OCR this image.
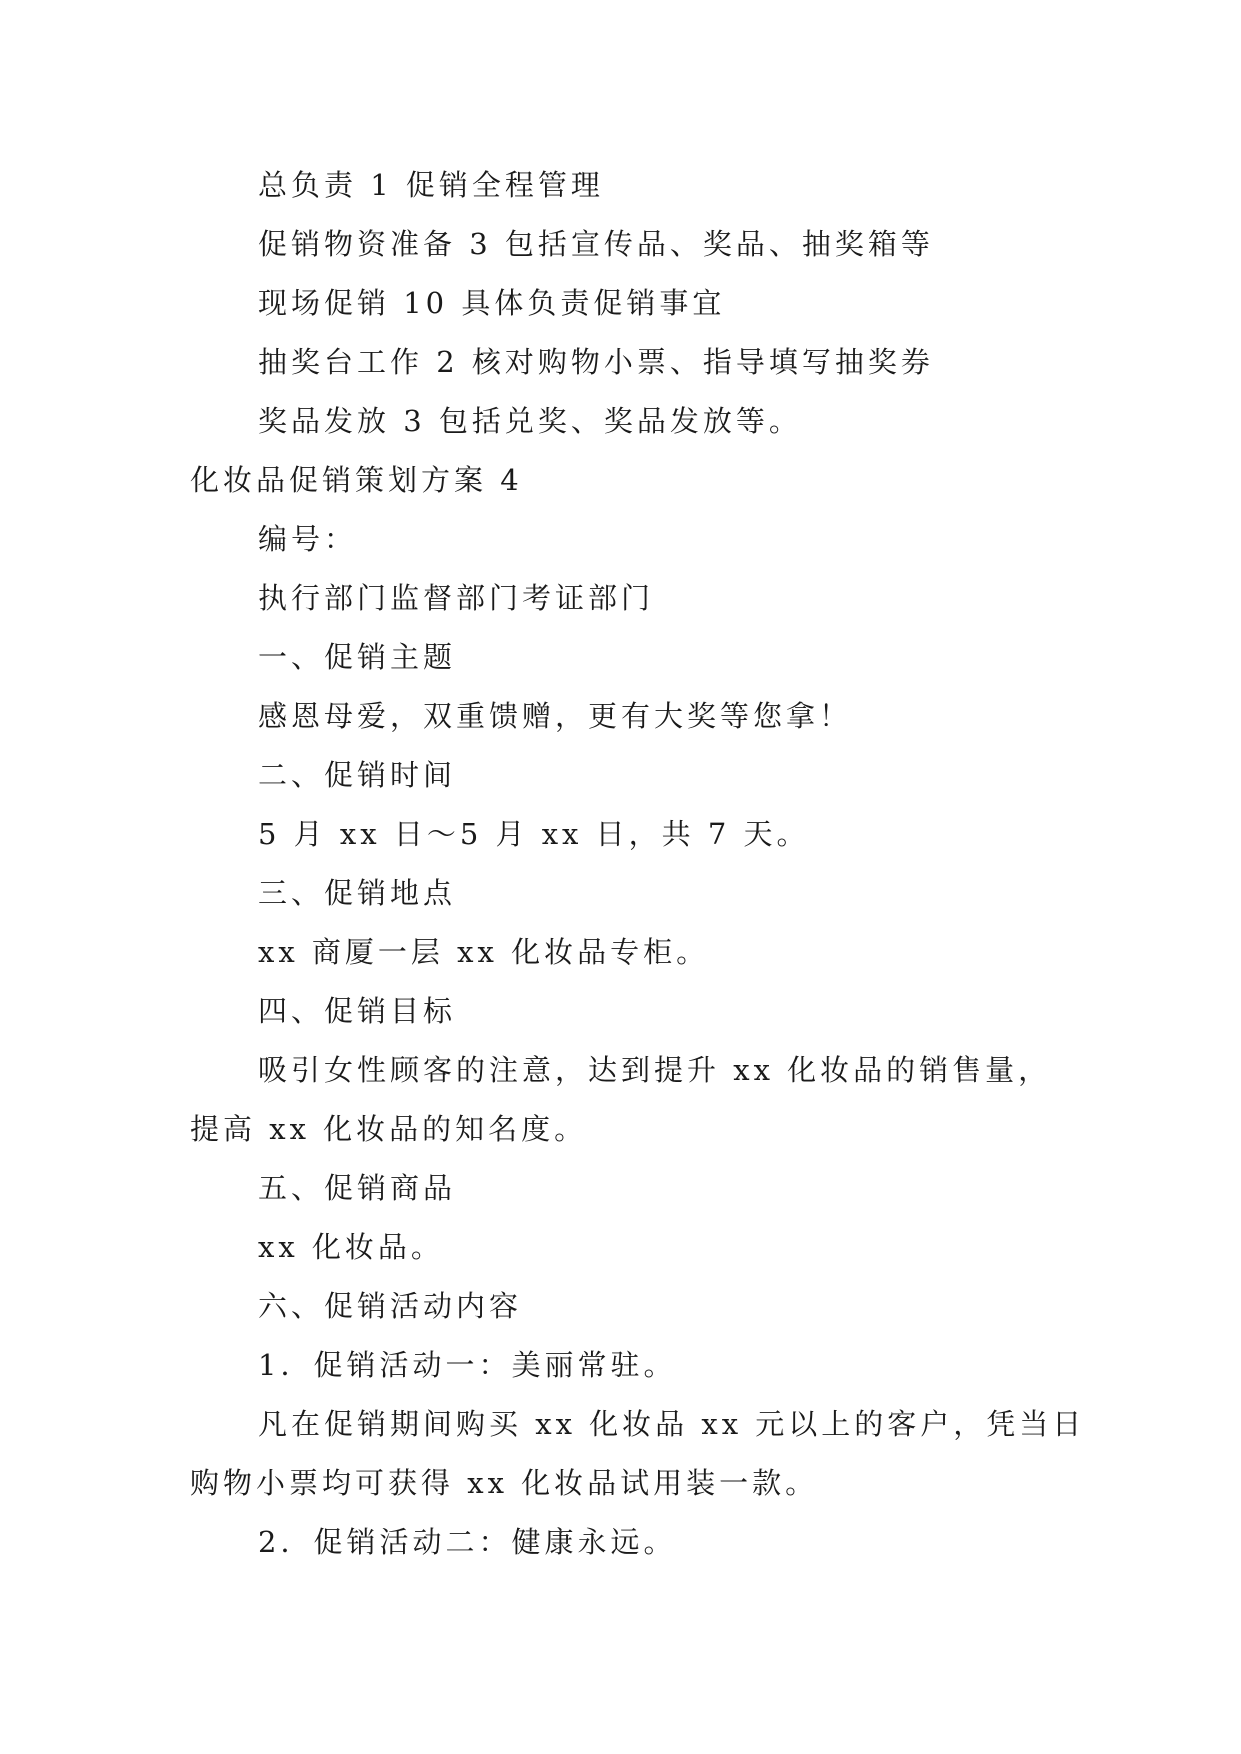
总负责 1 促销全程管理
促销物资准备 3 包括宣传品、奖品、抽奖箱等
现场促销 10 具体负责促销事宜
抽奖台工作 2 核对购物小票、指导填写抽奖券
奖品发放 3 包括兑奖、奖品发放等。
化妆品促销策划方案 4
编号：
执行部门监督部门考证部门
一、促销主题
感恩母爱，双重馈赠，更有大奖等您拿！
二、促销时间
5 月 xx 日～5 月 xx 日，共 7 天。
三、促销地点
xx 商厦一层 xx 化妆品专柜。
四、促销目标
吸引女性顾客的注意，达到提升 xx 化妆品的销售量，
提高 xx 化妆品的知名度。
五、促销商品
xx 化妆品。
六、促销活动内容
1．促销活动一：美丽常驻。
凡在促销期间购买 xx 化妆品 xx 元以上的客户，凭当日
购物小票均可获得 xx 化妆品试用装一款。
2．促销活动二：健康永远。
